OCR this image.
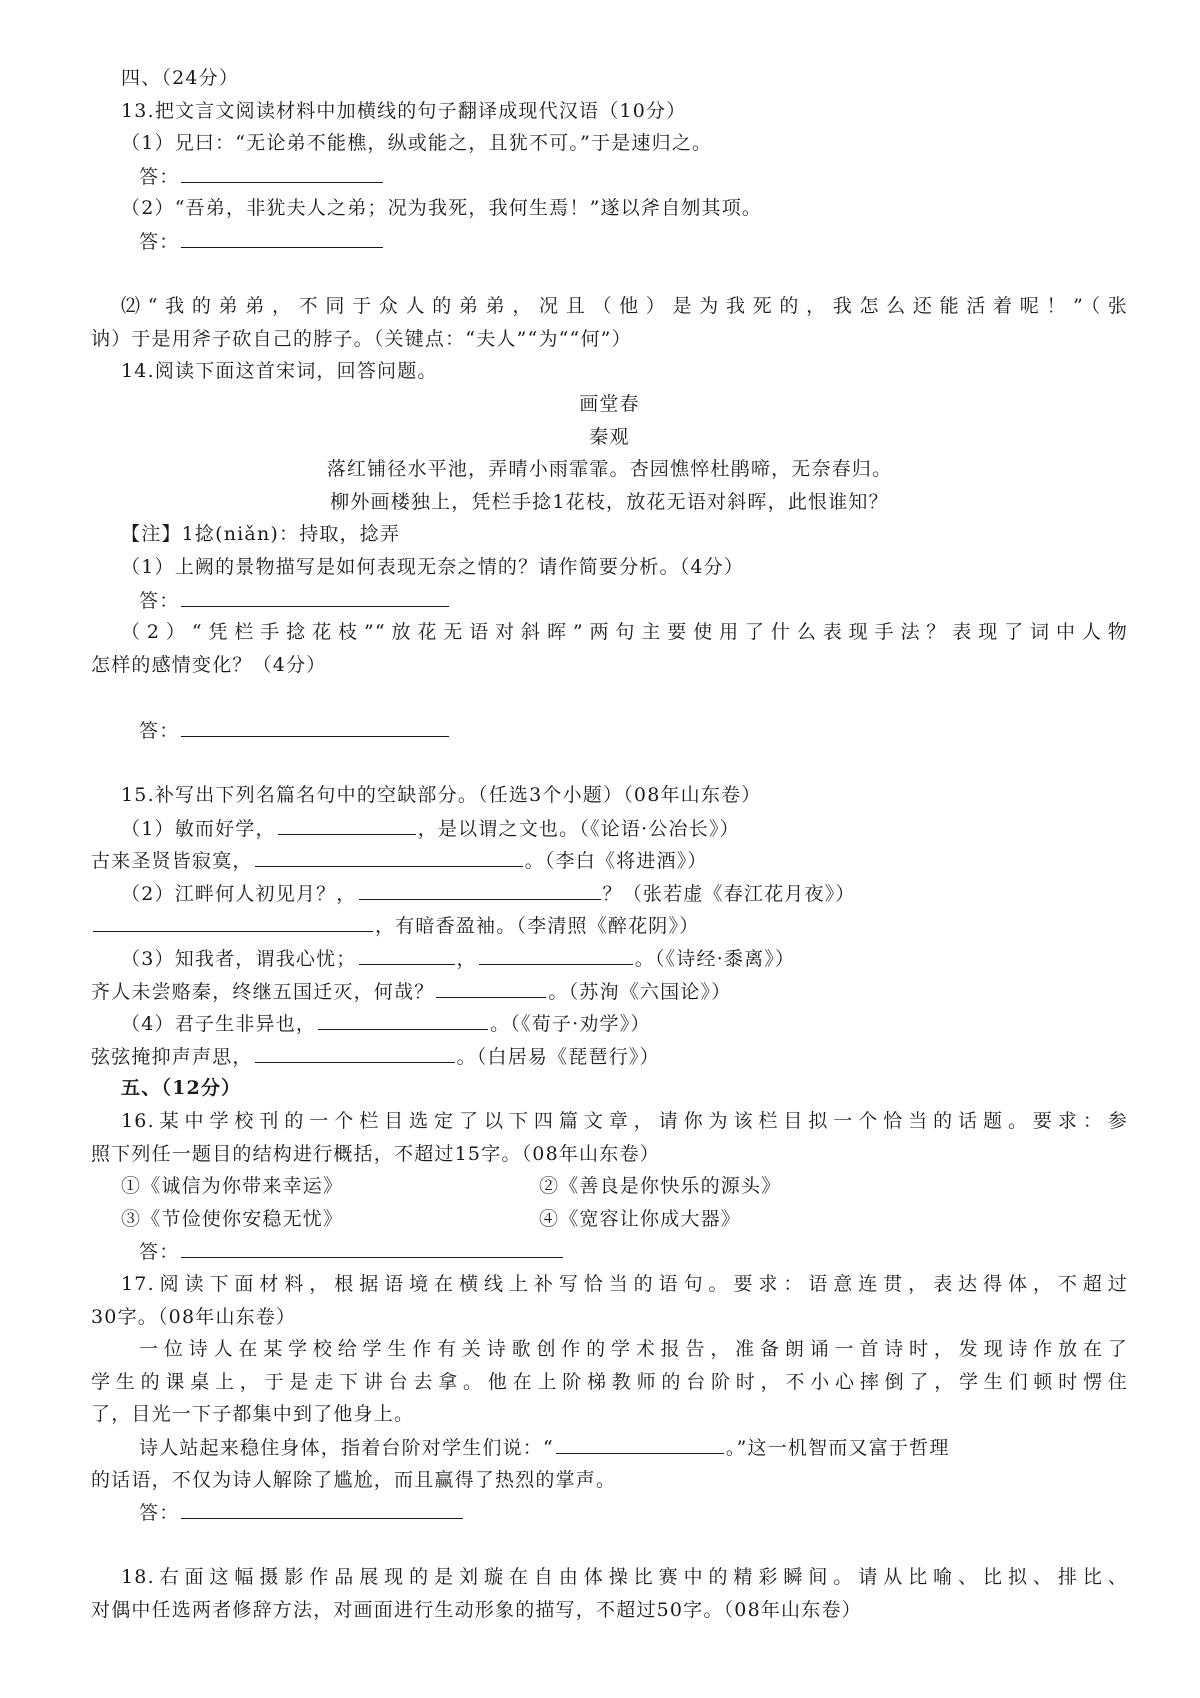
四、（24分）
13.把文言文阅读材料中加横线的句子翻译成现代汉语（10分）
（1）兄曰：“无论弟不能樵，纵或能之，且犹不可。”于是速归之。
答：
（2）“吾弟，非犹夫人之弟；况为我死，我何生焉！”遂以斧自刎其项。
答：
⑵“我的弟弟，不同于众人的弟弟，况且（他）是为我死的，我怎么还能活着呢！”（张
讷）于是用斧子砍自己的脖子。（关键点：“夫人”“为““何”）
14.阅读下面这首宋词，回答问题。
画堂春
秦观
落红铺径水平池，弄晴小雨霏霏。杏园憔悴杜鹃啼，无奈春归。
柳外画楼独上，凭栏手捻1花枝，放花无语对斜晖，此恨谁知？
【注】1捻(niǎn)：持取，捻弄
（1）上阙的景物描写是如何表现无奈之情的？请作简要分析。（4分）
答：
（2）“凭栏手捻花枝”“放花无语对斜晖”两句主要使用了什么表现手法？表现了词中人物
怎样的感情变化？（4分）
答：
15.补写出下列名篇名句中的空缺部分。（任选3个小题）（08年山东卷）
（1）敏而好学，	，是以谓之文也。（《论语·公冶长》）
古来圣贤皆寂寞，	。（李白《将进酒》）
（2）江畔何人初见月？，	？（张若虚《春江花月夜》）
，有暗香盈袖。（李清照《醉花阴》）
（3）知我者，谓我心忧；	，	。（《诗经·黍离》）
齐人未尝赂秦，终继五国迁灭，何哉？	。（苏洵《六国论》）
（4）君子生非异也，	。（《荀子·劝学》）
弦弦掩抑声声思，	。（白居易《琵琶行》）
五、（12分）
16.某中学校刊的一个栏目选定了以下四篇文章，请你为该栏目拟一个恰当的话题。要求：参
照下列任一题目的结构进行概括，不超过15字。（08年山东卷）
①《诚信为你带来幸运》	②《善良是你快乐的源头》
③《节俭使你安稳无忧》	④《宽容让你成大器》
答：
17.阅读下面材料，根据语境在横线上补写恰当的语句。要求：语意连贯，表达得体，不超过
30字。（08年山东卷）
一位诗人在某学校给学生作有关诗歌创作的学术报告，准备朗诵一首诗时，发现诗作放在了
学生的课桌上，于是走下讲台去拿。他在上阶梯教师的台阶时，不小心摔倒了，学生们顿时愣住
了，目光一下子都集中到了他身上。
诗人站起来稳住身体，指着台阶对学生们说：“	。”这一机智而又富于哲理
的话语，不仅为诗人解除了尴尬，而且赢得了热烈的掌声。
答：
18.右面这幅摄影作品展现的是刘璇在自由体操比赛中的精彩瞬间。请从比喻、比拟、排比、
对偶中任选两者修辞方法，对画面进行生动形象的描写，不超过50字。（08年山东卷）
